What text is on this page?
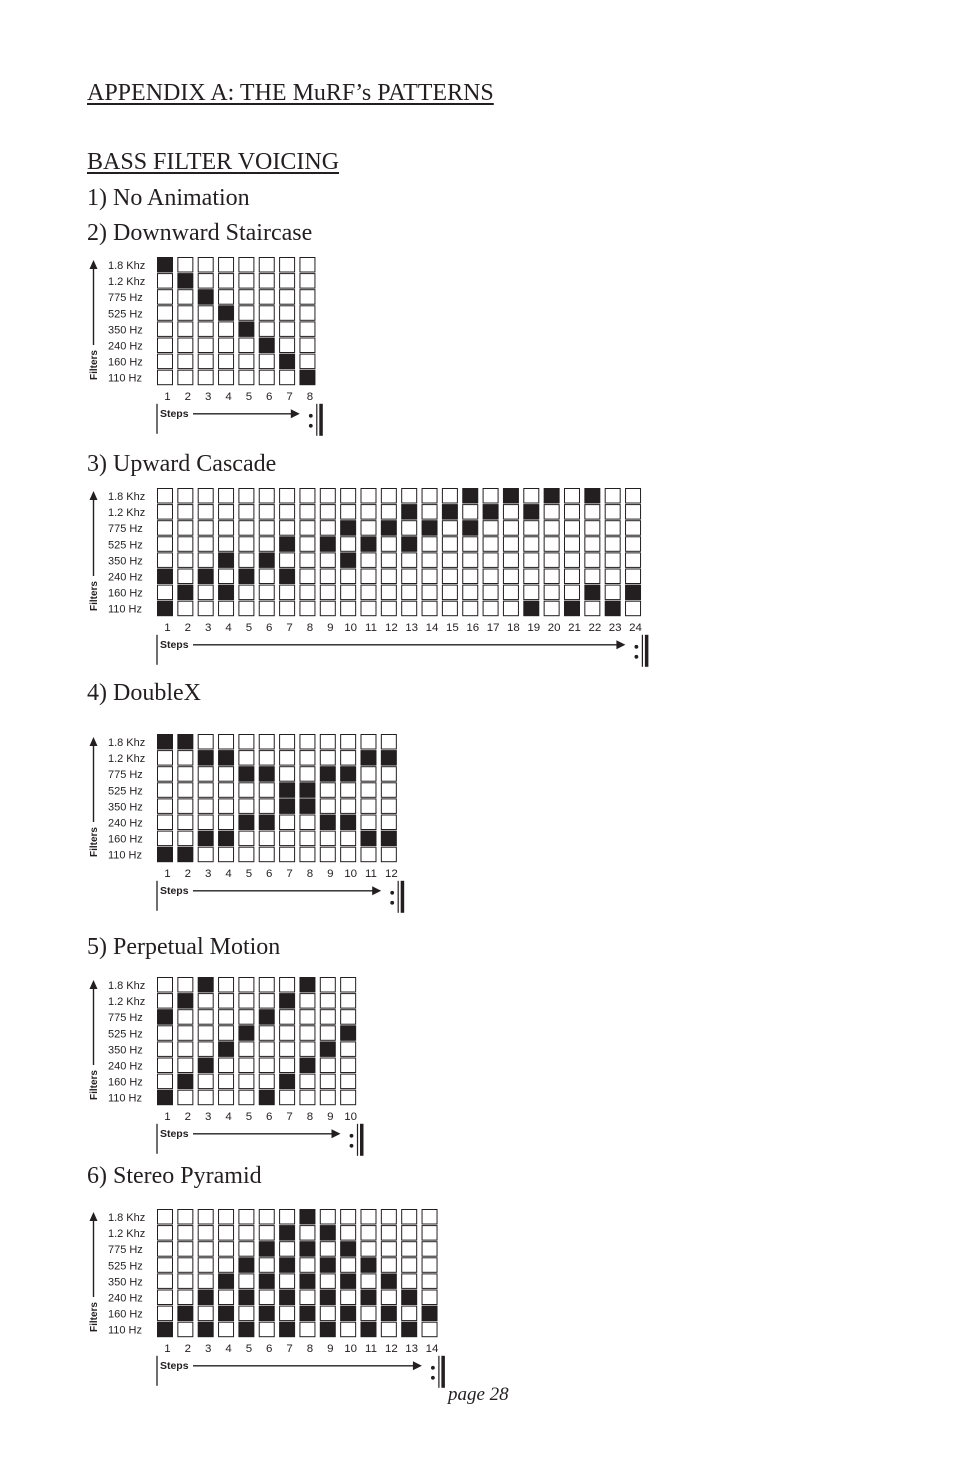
APPENDIX A: THE MuRF’s PATTERNS
BASS FILTER VOICING
1) No Animation
2) Downward Staircase
Filters
1.8 Khz
1.2 Khz
775 Hz
525 Hz
350 Hz
240 Hz
160 Hz
110 Hz
1 2 3 4 5 6 7 8
Steps
3) Upward Cascade
Filters
1.8 Khz
1.2 Khz
775 Hz
525 Hz
350 Hz
240 Hz
160 Hz
110 Hz
1 2 3 4 5 6 7 8 9 10 11 12 13 14 15 16 17 18 19 20 21 22 23 24
Steps
4) DoubleX
Filters
1.8 Khz
1.2 Khz
775 Hz
525 Hz
350 Hz
240 Hz
160 Hz
110 Hz
1 2 3 4 5 6 7 8 9 10 11 12
Steps
5) Perpetual Motion
Filters
1.8 Khz
1.2 Khz
775 Hz
525 Hz
350 Hz
240 Hz
160 Hz
110 Hz
1 2 3 4 5 6 7 8 9 10
Steps
6) Stereo Pyramid
Filters
1.8 Khz
1.2 Khz
775 Hz
525 Hz
350 Hz
240 Hz
160 Hz
110 Hz
1 2 3 4 5 6 7 8 9 10 11 12 13 14
Steps
page 28
